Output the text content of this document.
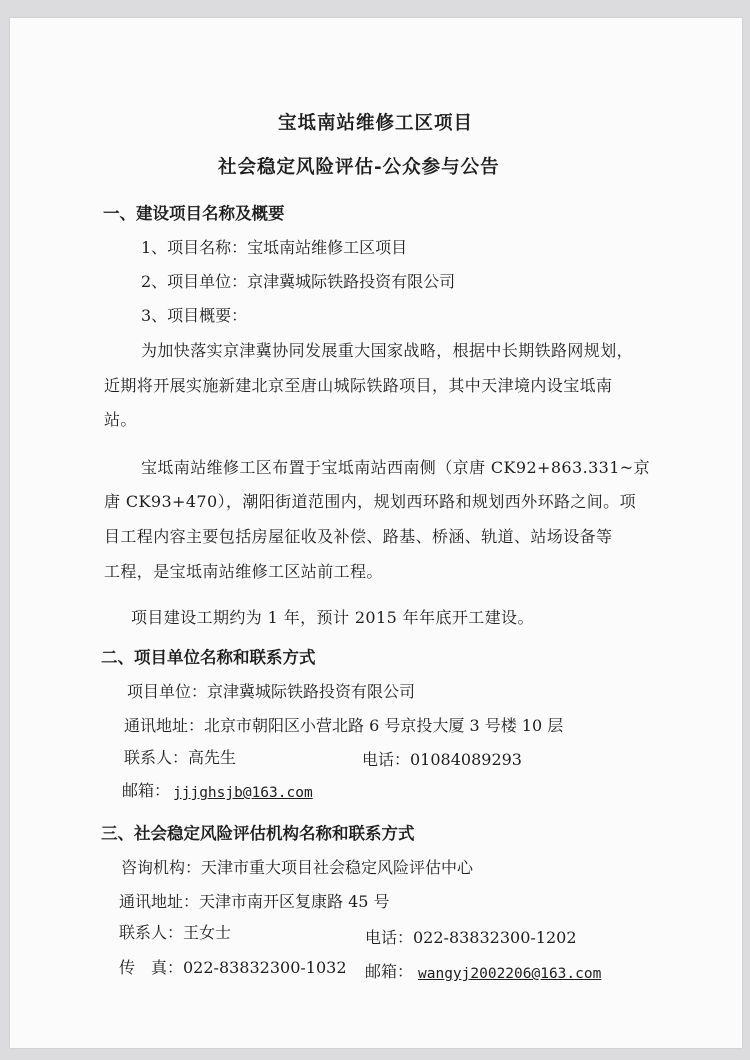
宝坻南站维修工区项目
社会稳定风险评估-公众参与公告
一、建设项目名称及概要
1、项目名称：宝坻南站维修工区项目
2、项目单位：京津冀城际铁路投资有限公司
3、项目概要：
为加快落实京津冀协同发展重大国家战略，根据中长期铁路网规划，
近期将开展实施新建北京至唐山城际铁路项目，其中天津境内设宝坻南
站。
宝坻南站维修工区布置于宝坻南站西南侧（京唐 CK92+863.331~京
唐 CK93+470），潮阳街道范围内，规划西环路和规划西外环路之间。项
目工程内容主要包括房屋征收及补偿、路基、桥涵、轨道、站场设备等
工程，是宝坻南站维修工区站前工程。
项目建设工期约为 1 年，预计 2015 年年底开工建设。
二、项目单位名称和联系方式
项目单位：京津冀城际铁路投资有限公司
通讯地址：北京市朝阳区小营北路 6 号京投大厦 3 号楼 10 层
联系人：高先生	电话：01084089293
邮箱： jjjghsjb@163.com
三、社会稳定风险评估机构名称和联系方式
咨询机构：天津市重大项目社会稳定风险评估中心
通讯地址：天津市南开区复康路 45 号
联系人：王女士	电话：022-83832300-1202
传　真：022-83832300-1032 邮箱： wangyj2002206@163.com
